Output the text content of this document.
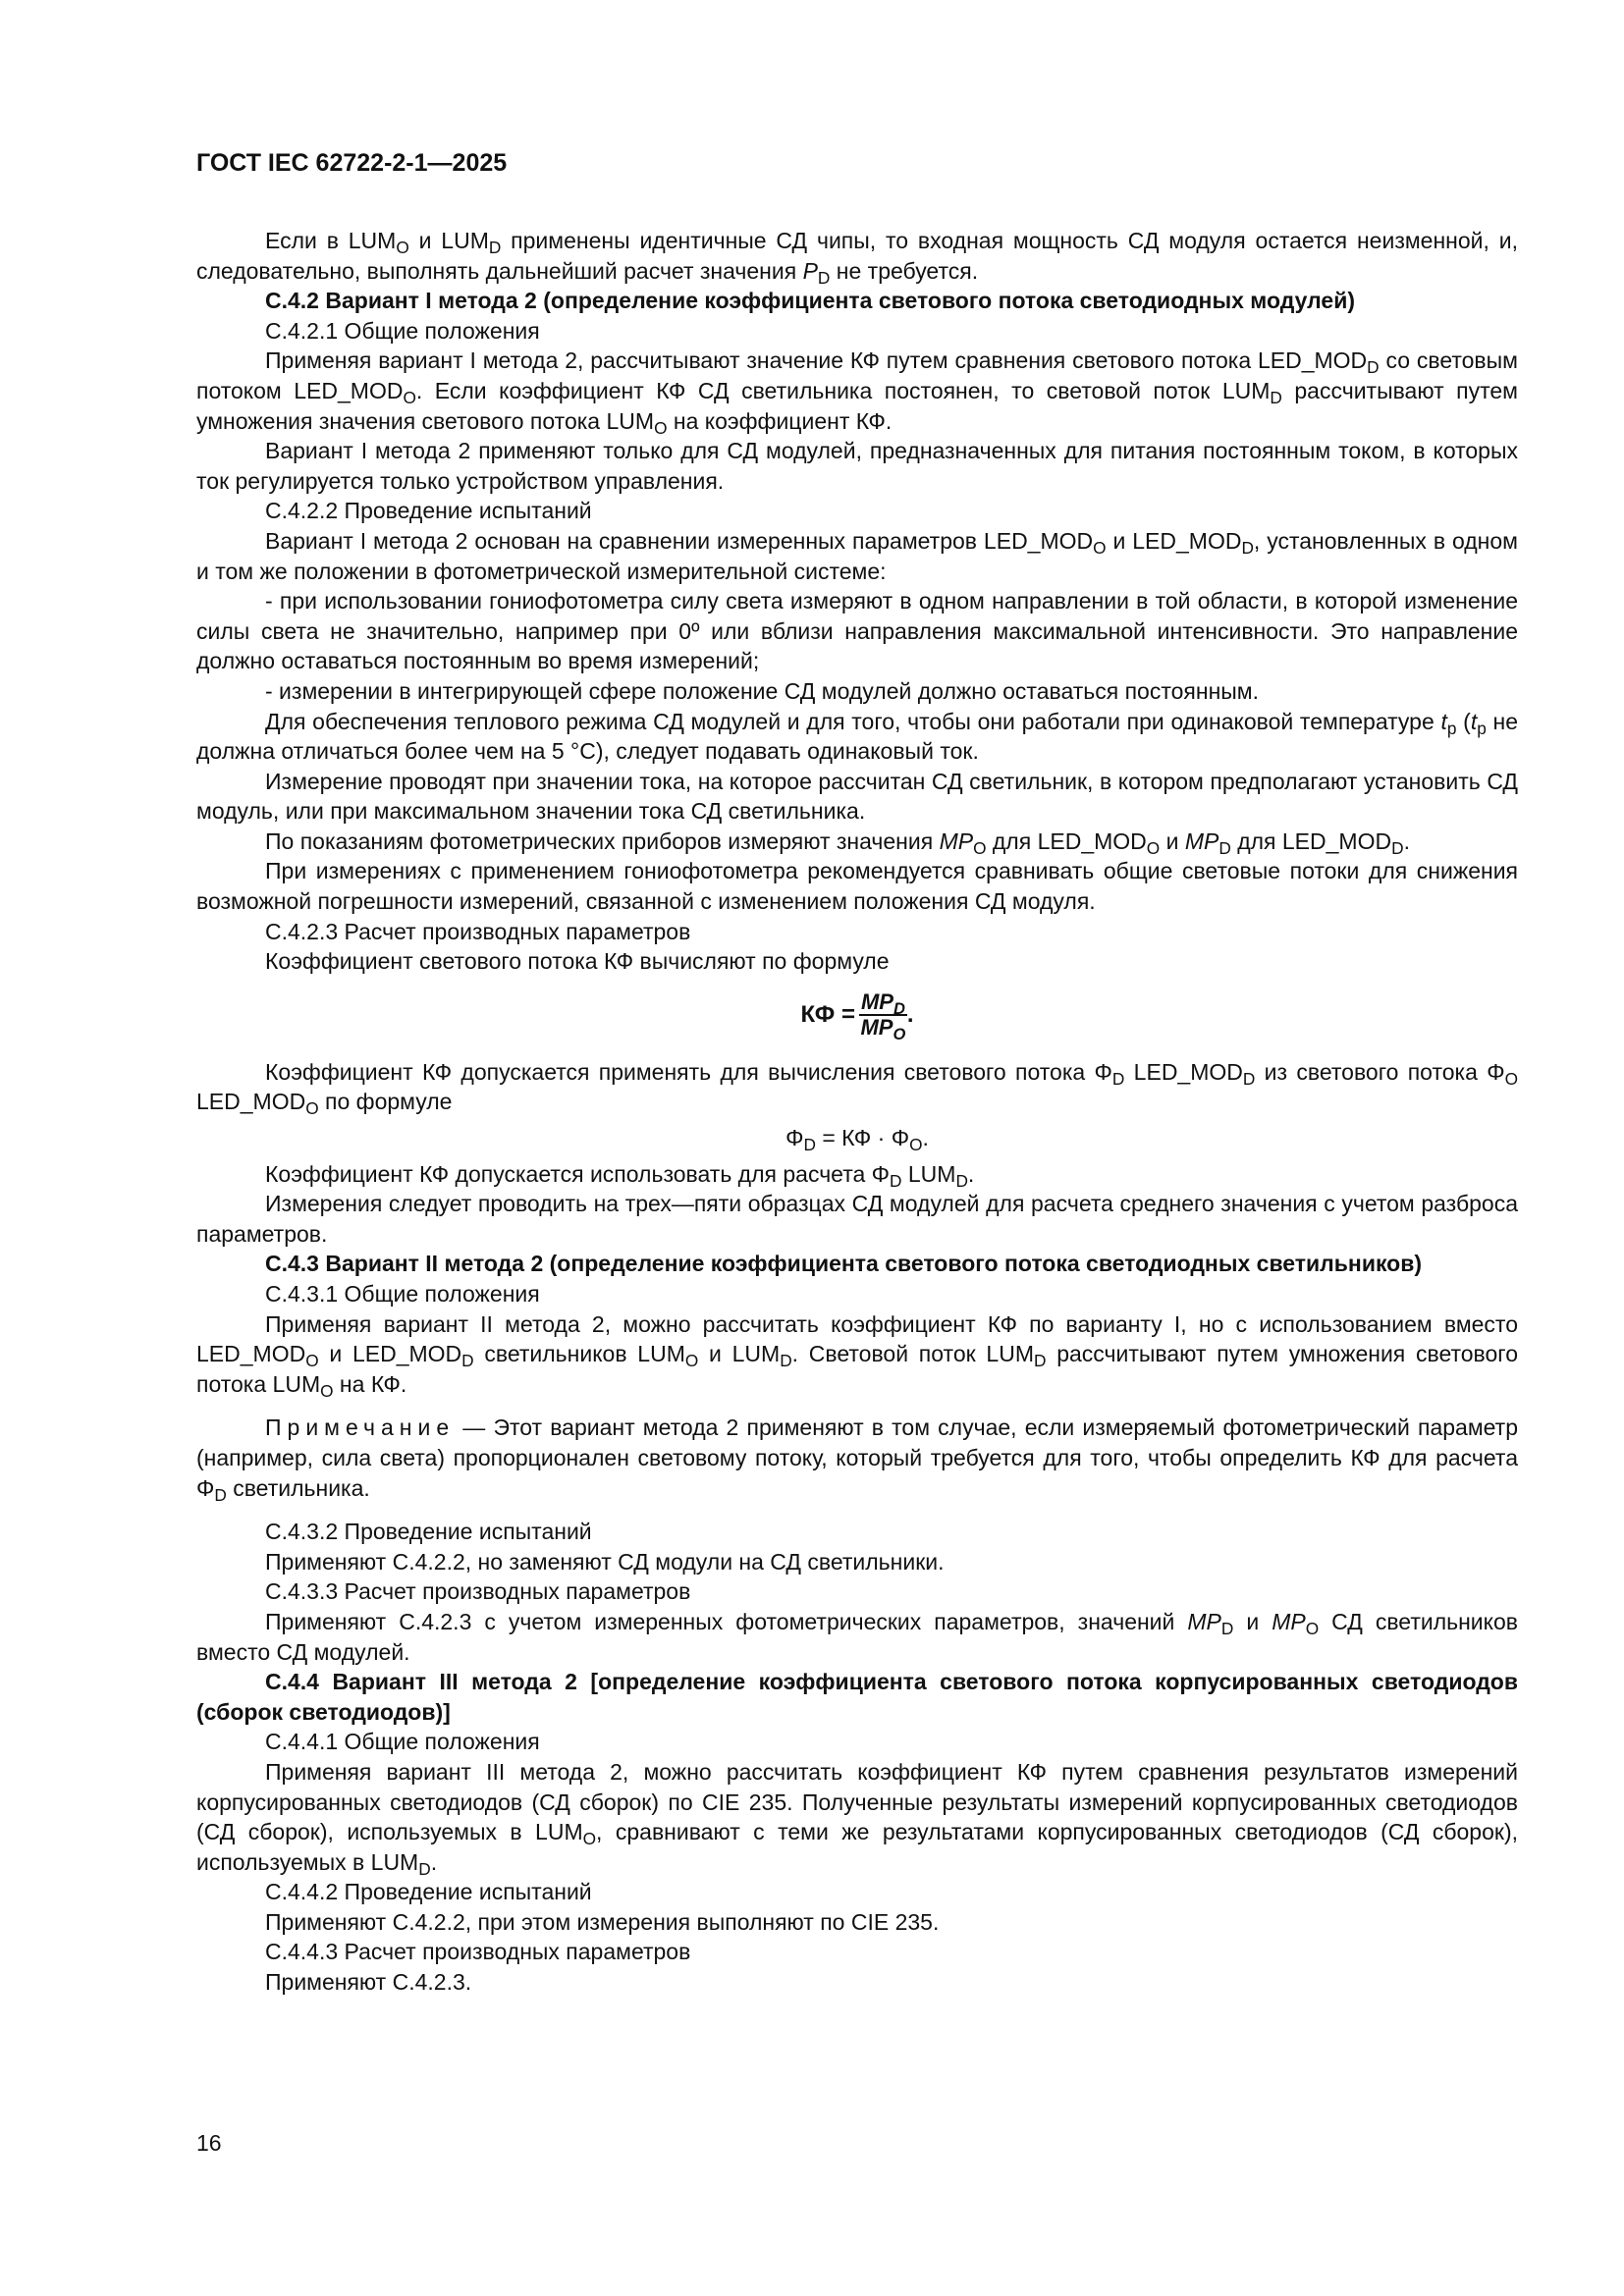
ГОСТ IEC 62722-2-1—2025

Если в $LUM_O$ и $LUM_D$ применены идентичные СД чипы, то входная мощность СД модуля остается неизменной, и, следовательно, выполнять дальнейший расчет значения $P_D$ не требуется.

С.4.2 Вариант I метода 2 (определение коэффициента светового потока светодиодных модулей)

С.4.2.1 Общие положения

Применяя вариант I метода 2, рассчитывают значение КФ путем сравнения светового потока $LED\_MOD_D$ со световым потоком $LED\_MOD_O$. Если коэффициент КФ СД светильника постоянен, то световой поток $LUM_D$ рассчитывают путем умножения значения светового потока $LUM_O$ на коэффициент КФ.

Вариант I метода 2 применяют только для СД модулей, предназначенных для питания постоянным током, в которых ток регулируется только устройством управления.

С.4.2.2 Проведение испытаний

Вариант I метода 2 основан на сравнении измеренных параметров $LED\_MOD_O$ и $LED\_MOD_D$, установленных в одном и том же положении в фотометрической измерительной системе:

- при использовании гониофотометра силу света измеряют в одном направлении в той области, в которой изменение силы света не значительно, например при 0º или вблизи направления максимальной интенсивности. Это направление должно оставаться постоянным во время измерений;

- измерении в интегрирующей сфере положение СД модулей должно оставаться постоянным.

Для обеспечения теплового режима СД модулей и для того, чтобы они работали при одинаковой температуре $t_p$ ($t_p$ не должна отличаться более чем на 5 °С), следует подавать одинаковый ток.

Измерение проводят при значении тока, на которое рассчитан СД светильник, в котором предполагают установить СД модуль, или при максимальном значении тока СД светильника.

По показаниям фотометрических приборов измеряют значения $MP_O$ для $LED\_MOD_O$ и $MP_D$ для $LED\_MOD_D$.

При измерениях с применением гониофотометра рекомендуется сравнивать общие световые потоки для снижения возможной погрешности измерений, связанной с изменением положения СД модуля.

С.4.2.3 Расчет производных параметров

Коэффициент светового потока КФ вычисляют по формуле

КФ = $\frac{MP_D}{MP_O}$ .

Коэффициент КФ допускается применять для вычисления светового потока $\Phi_D$ $LED\_MOD_D$ из светового потока $\Phi_O$ $LED\_MOD_O$ по формуле

$\Phi_D$ = КФ · $\Phi_O$.

Коэффициент КФ допускается использовать для расчета $\Phi_D$ $LUM_D$.

Измерения следует проводить на трех—пяти образцах СД модулей для расчета среднего значения с учетом разброса параметров.

С.4.3 Вариант II метода 2 (определение коэффициента светового потока светодиодных светильников)

С.4.3.1 Общие положения

Применяя вариант II метода 2, можно рассчитать коэффициент КФ по варианту I, но с использованием вместо $LED\_MOD_O$ и $LED\_MOD_D$ светильников $LUM_O$ и $LUM_D$. Световой поток $LUM_D$ рассчитывают путем умножения светового потока $LUM_O$ на КФ.

Примечание — Этот вариант метода 2 применяют в том случае, если измеряемый фотометрический параметр (например, сила света) пропорционален световому потоку, который требуется для того, чтобы определить КФ для расчета $\Phi_D$ светильника.

С.4.3.2 Проведение испытаний

Применяют С.4.2.2, но заменяют СД модули на СД светильники.

С.4.3.3 Расчет производных параметров

Применяют С.4.2.3 с учетом измеренных фотометрических параметров, значений $MP_D$ и $MP_O$ СД светильников вместо СД модулей.

С.4.4 Вариант III метода 2 [определение коэффициента светового потока корпусированных светодиодов (сборок светодиодов)]

С.4.4.1 Общие положения

Применяя вариант III метода 2, можно рассчитать коэффициент КФ путем сравнения результатов измерений корпусированных светодиодов (СД сборок) по CIE 235. Полученные результаты измерений корпусированных светодиодов (СД сборок), используемых в $LUM_O$, сравнивают с теми же результатами корпусированных светодиодов (СД сборок), используемых в $LUM_D$.

С.4.4.2 Проведение испытаний

Применяют С.4.2.2, при этом измерения выполняют по CIE 235.

С.4.4.3 Расчет производных параметров

Применяют С.4.2.3.

16
